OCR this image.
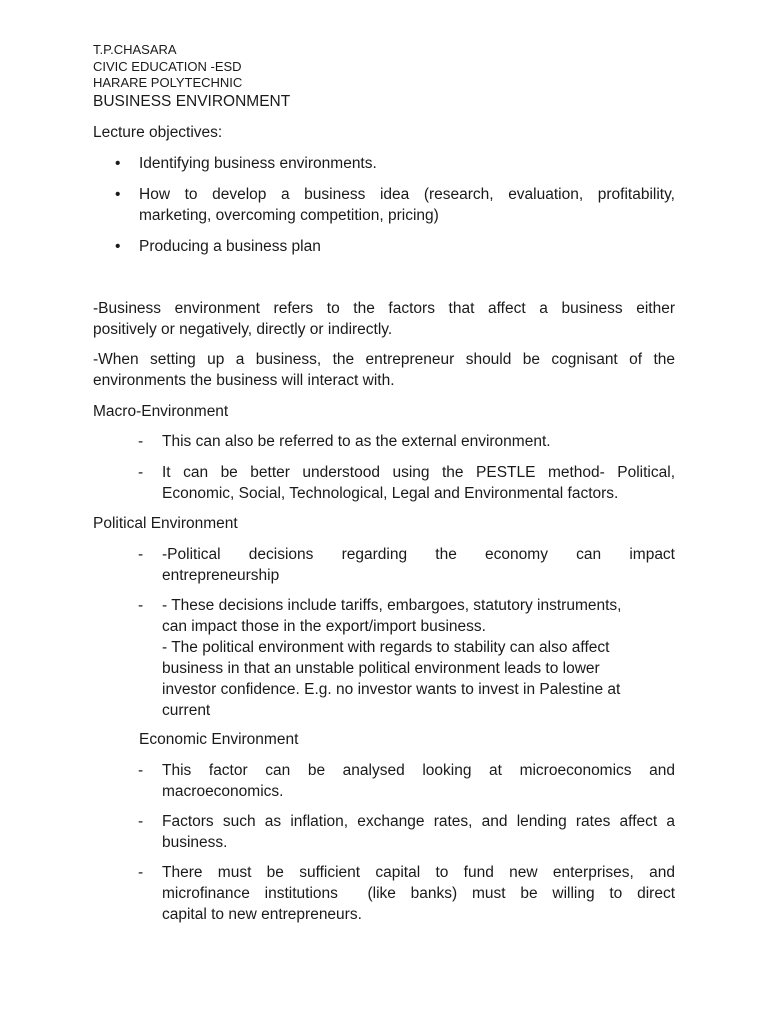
T.P.CHASARA
CIVIC EDUCATION -ESD
HARARE POLYTECHNIC
BUSINESS ENVIRONMENT
Lecture objectives:
• Identifying business environments.
• How to develop a business idea (research, evaluation, profitability,
marketing, overcoming competition, pricing)
• Producing a business plan
-Business environment refers to the factors that affect a business either
positively or negatively, directly or indirectly.
-When setting up a business, the entrepreneur should be cognisant of the
environments the business will interact with.
Macro-Environment
- This can also be referred to as the external environment.
- It can be better understood using the PESTLE method- Political,
Economic, Social, Technological, Legal and Environmental factors.
Political Environment
- -Political decisions regarding the economy can impact
entrepreneurship
- - These decisions include tariffs, embargoes, statutory instruments,
can impact those in the export/import business.
- The political environment with regards to stability can also affect
business in that an unstable political environment leads to lower
investor confidence. E.g. no investor wants to invest in Palestine at
current
Economic Environment
- This factor can be analysed looking at microeconomics and
macroeconomics.
- Factors such as inflation, exchange rates, and lending rates affect a
business.
- There must be sufficient capital to fund new enterprises, and
microfinance institutions  (like banks) must be willing to direct
capital to new entrepreneurs.
